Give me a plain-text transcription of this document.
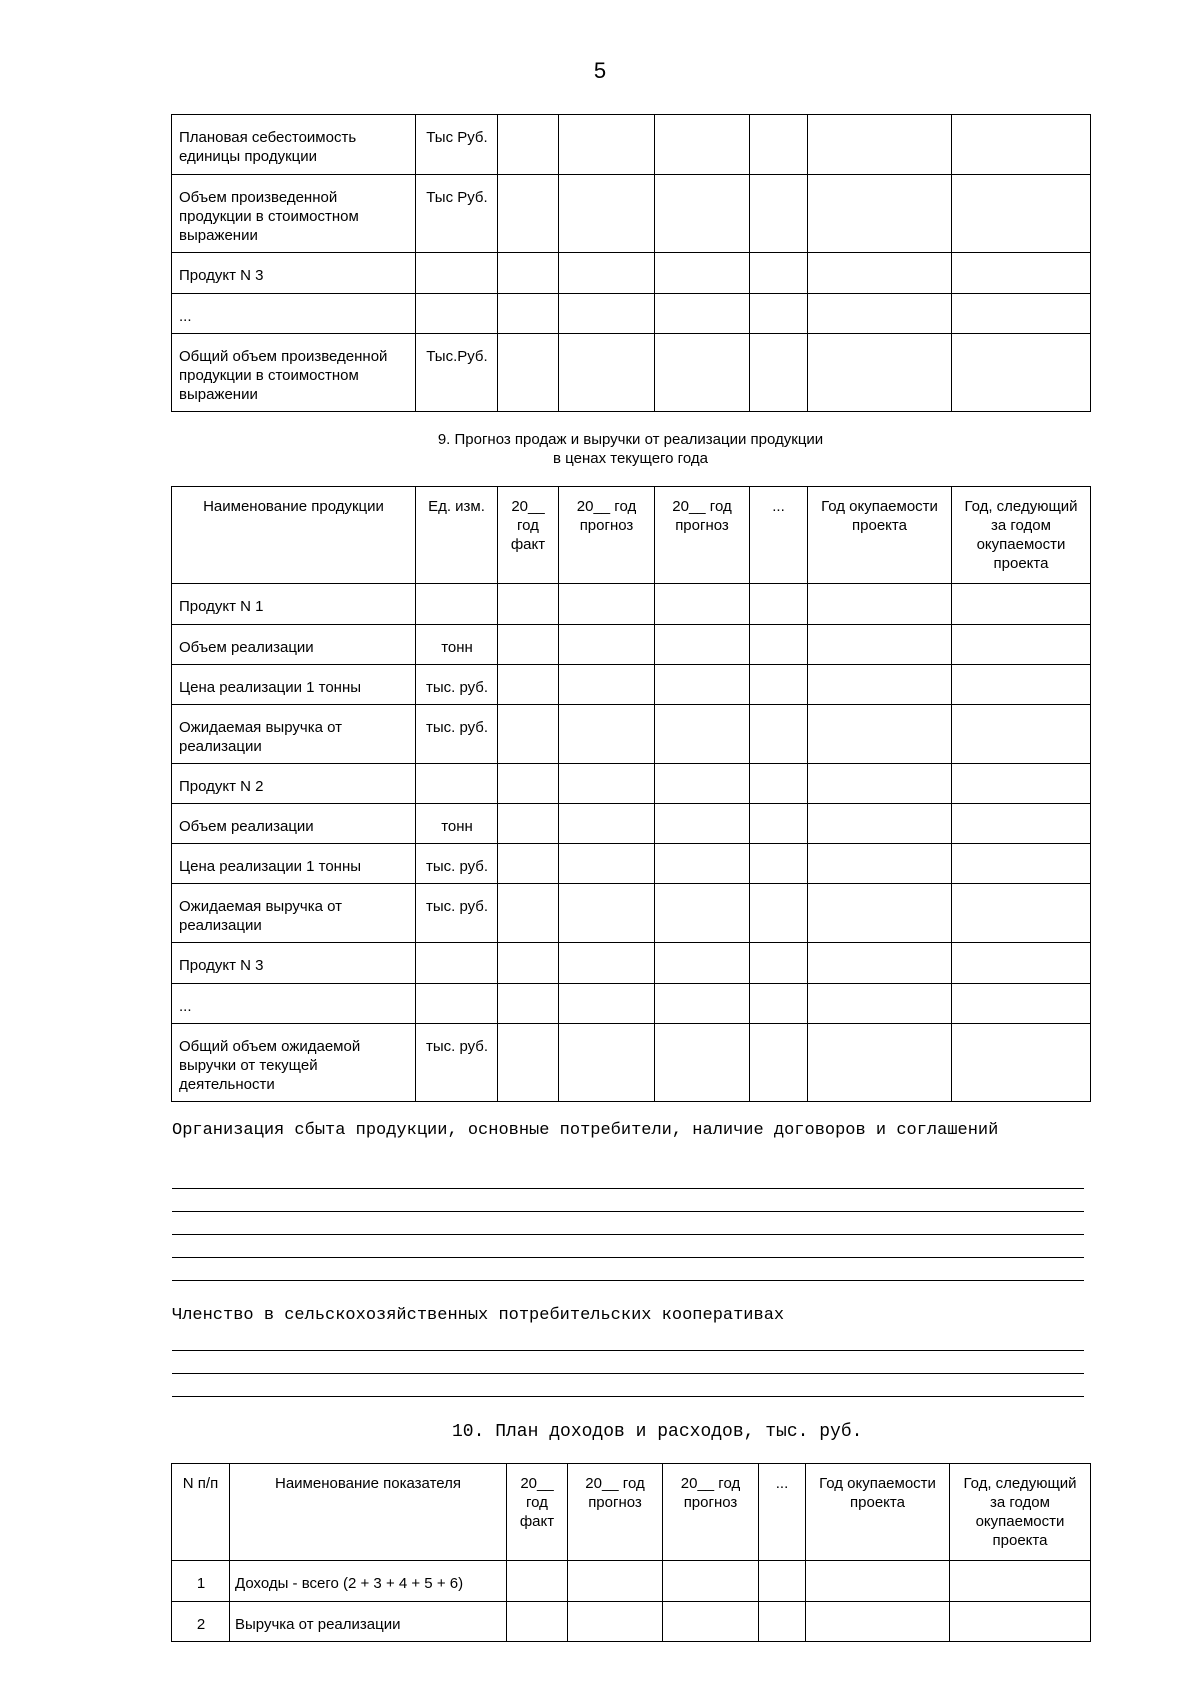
5
Плановая себестоимость единицы продукции	Тыс Руб.						

Объем произведенной продукции в стоимостном выражении	Тыс Руб.						

Продукт N 3							

...							

Общий объем произведенной продукции в стоимостном выражении	Тыс.Руб.						

9. Прогноз продаж и выручки от реализации продукции
в ценах текущего года
Наименование продукции	Ед. изм.	20__ год факт	20__ год прогноз	20__ год прогноз	...	Год окупаемости проекта	Год, следующий за годом окупаемости проекта

Продукт N 1							

Объем реализации	тонн						

Цена реализации 1 тонны	тыс. руб.						

Ожидаемая выручка от реализации	тыс. руб.						

Продукт N 2							

Объем реализации	тонн						

Цена реализации 1 тонны	тыс. руб.						

Ожидаемая выручка от реализации	тыс. руб.						

Продукт N 3							

...							

Общий объем ожидаемой выручки от текущей деятельности	тыс. руб.						

Организация сбыта продукции, основные потребители, наличие договоров и соглашений
Членство в сельскохозяйственных потребительских кооперативах
10. План доходов и расходов, тыс. руб.
N п/п	Наименование показателя	20__ год факт	20__ год прогноз	20__ год прогноз	...	Год окупаемости проекта	Год, следующий за годом окупаемости проекта

1	Доходы - всего (2 + 3 + 4 + 5 + 6)						

2	Выручка от реализации						
